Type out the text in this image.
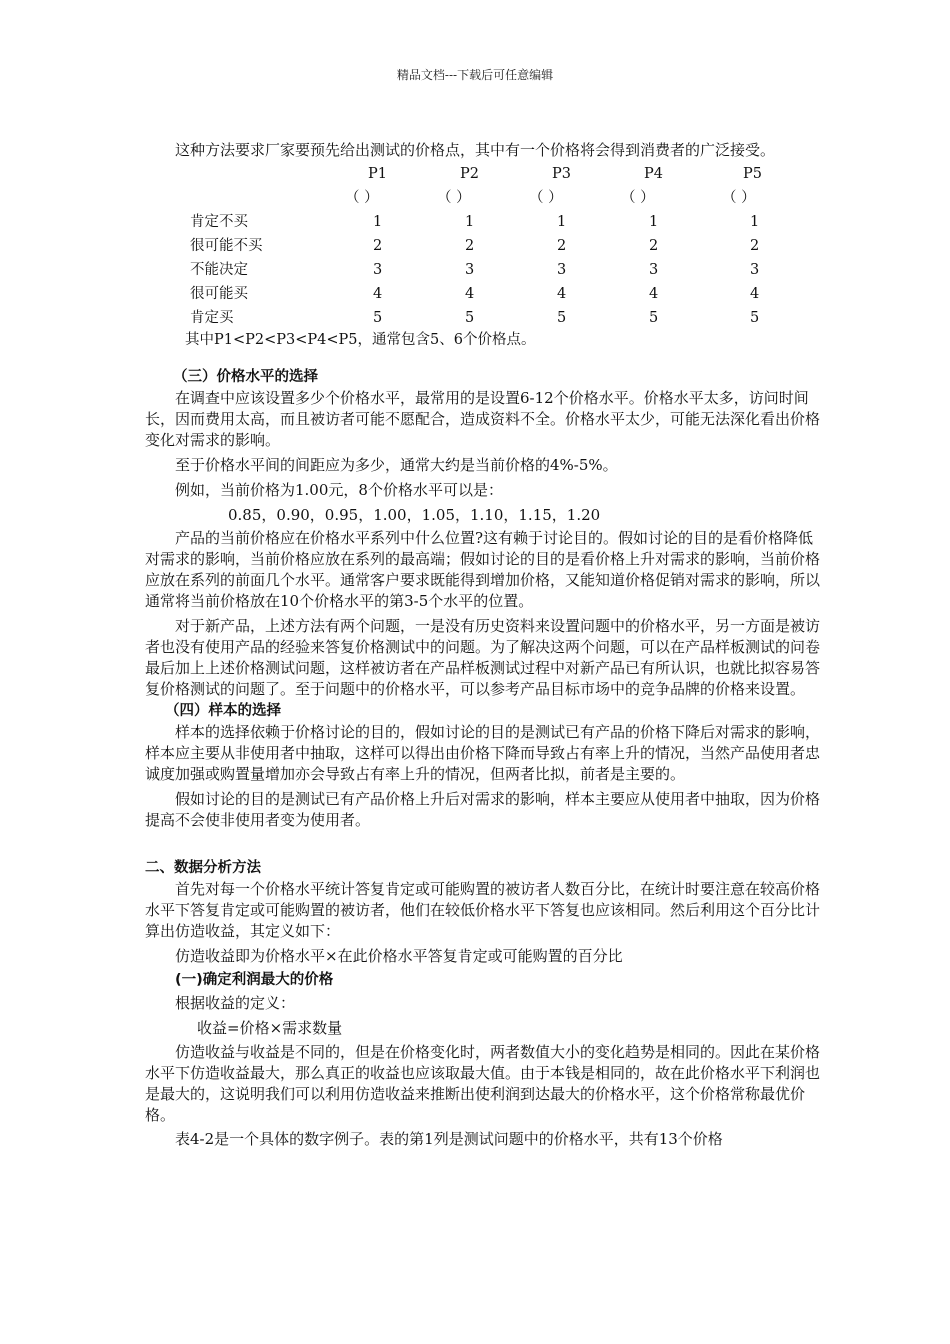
精品文档---下载后可任意编辑

这种方法要求厂家要预先给出测试的价格点，其中有一个价格将会得到消费者的广泛接受。

P1	P2	P3	P4	P5
（ ）	（ ）	（ ）	（ ）	（ ）
肯定不买	1	1	1	1	1
很可能不买	2	2	2	2	2
不能决定	3	3	3	3	3
很可能买	4	4	4	4	4
肯定买	5	5	5	5	5
其中P1<P2<P3<P4<P5，通常包含5、6个价格点。

（三）价格水平的选择

在调查中应该设置多少个价格水平，最常用的是设置6-12个价格水平。价格水平太多，访问时间长，因而费用太高，而且被访者可能不愿配合，造成资料不全。价格水平太少，可能无法深化看出价格变化对需求的影响。

至于价格水平间的间距应为多少，通常大约是当前价格的4%-5%。

例如，当前价格为1.00元，8个价格水平可以是：

0.85，0.90，0.95，1.00，1.05，1.10，1.15，1.20

产品的当前价格应在价格水平系列中什么位置?这有赖于讨论目的。假如讨论的目的是看价格降低对需求的影响，当前价格应放在系列的最高端；假如讨论的目的是看价格上升对需求的影响，当前价格应放在系列的前面几个水平。通常客户要求既能得到增加价格，又能知道价格促销对需求的影响，所以通常将当前价格放在10个价格水平的第3-5个水平的位置。

对于新产品，上述方法有两个问题，一是没有历史资料来设置问题中的价格水平，另一方面是被访者也没有使用产品的经验来答复价格测试中的问题。为了解决这两个问题，可以在产品样板测试的问卷最后加上上述价格测试问题，这样被访者在产品样板测试过程中对新产品已有所认识，也就比拟容易答复价格测试的问题了。至于问题中的价格水平，可以参考产品目标市场中的竞争品牌的价格来设置。

（四）样本的选择

样本的选择依赖于价格讨论的目的，假如讨论的目的是测试已有产品的价格下降后对需求的影响，样本应主要从非使用者中抽取，这样可以得出由价格下降而导致占有率上升的情况，当然产品使用者忠诚度加强或购置量增加亦会导致占有率上升的情况，但两者比拟，前者是主要的。

假如讨论的目的是测试已有产品价格上升后对需求的影响，样本主要应从使用者中抽取，因为价格提高不会使非使用者变为使用者。

二、数据分析方法

首先对每一个价格水平统计答复肯定或可能购置的被访者人数百分比，在统计时要注意在较高价格水平下答复肯定或可能购置的被访者，他们在较低价格水平下答复也应该相同。然后利用这个百分比计算出仿造收益，其定义如下：

仿造收益即为价格水平×在此价格水平答复肯定或可能购置的百分比

(一)确定利润最大的价格

根据收益的定义：

收益=价格×需求数量

仿造收益与收益是不同的，但是在价格变化时，两者数值大小的变化趋势是相同的。因此在某价格水平下仿造收益最大，那么真正的收益也应该取最大值。由于本钱是相同的，故在此价格水平下利润也是最大的，这说明我们可以利用仿造收益来推断出使利润到达最大的价格水平，这个价格常称最优价格。

表4-2是一个具体的数字例子。表的第1列是测试问题中的价格水平，共有13个价格
